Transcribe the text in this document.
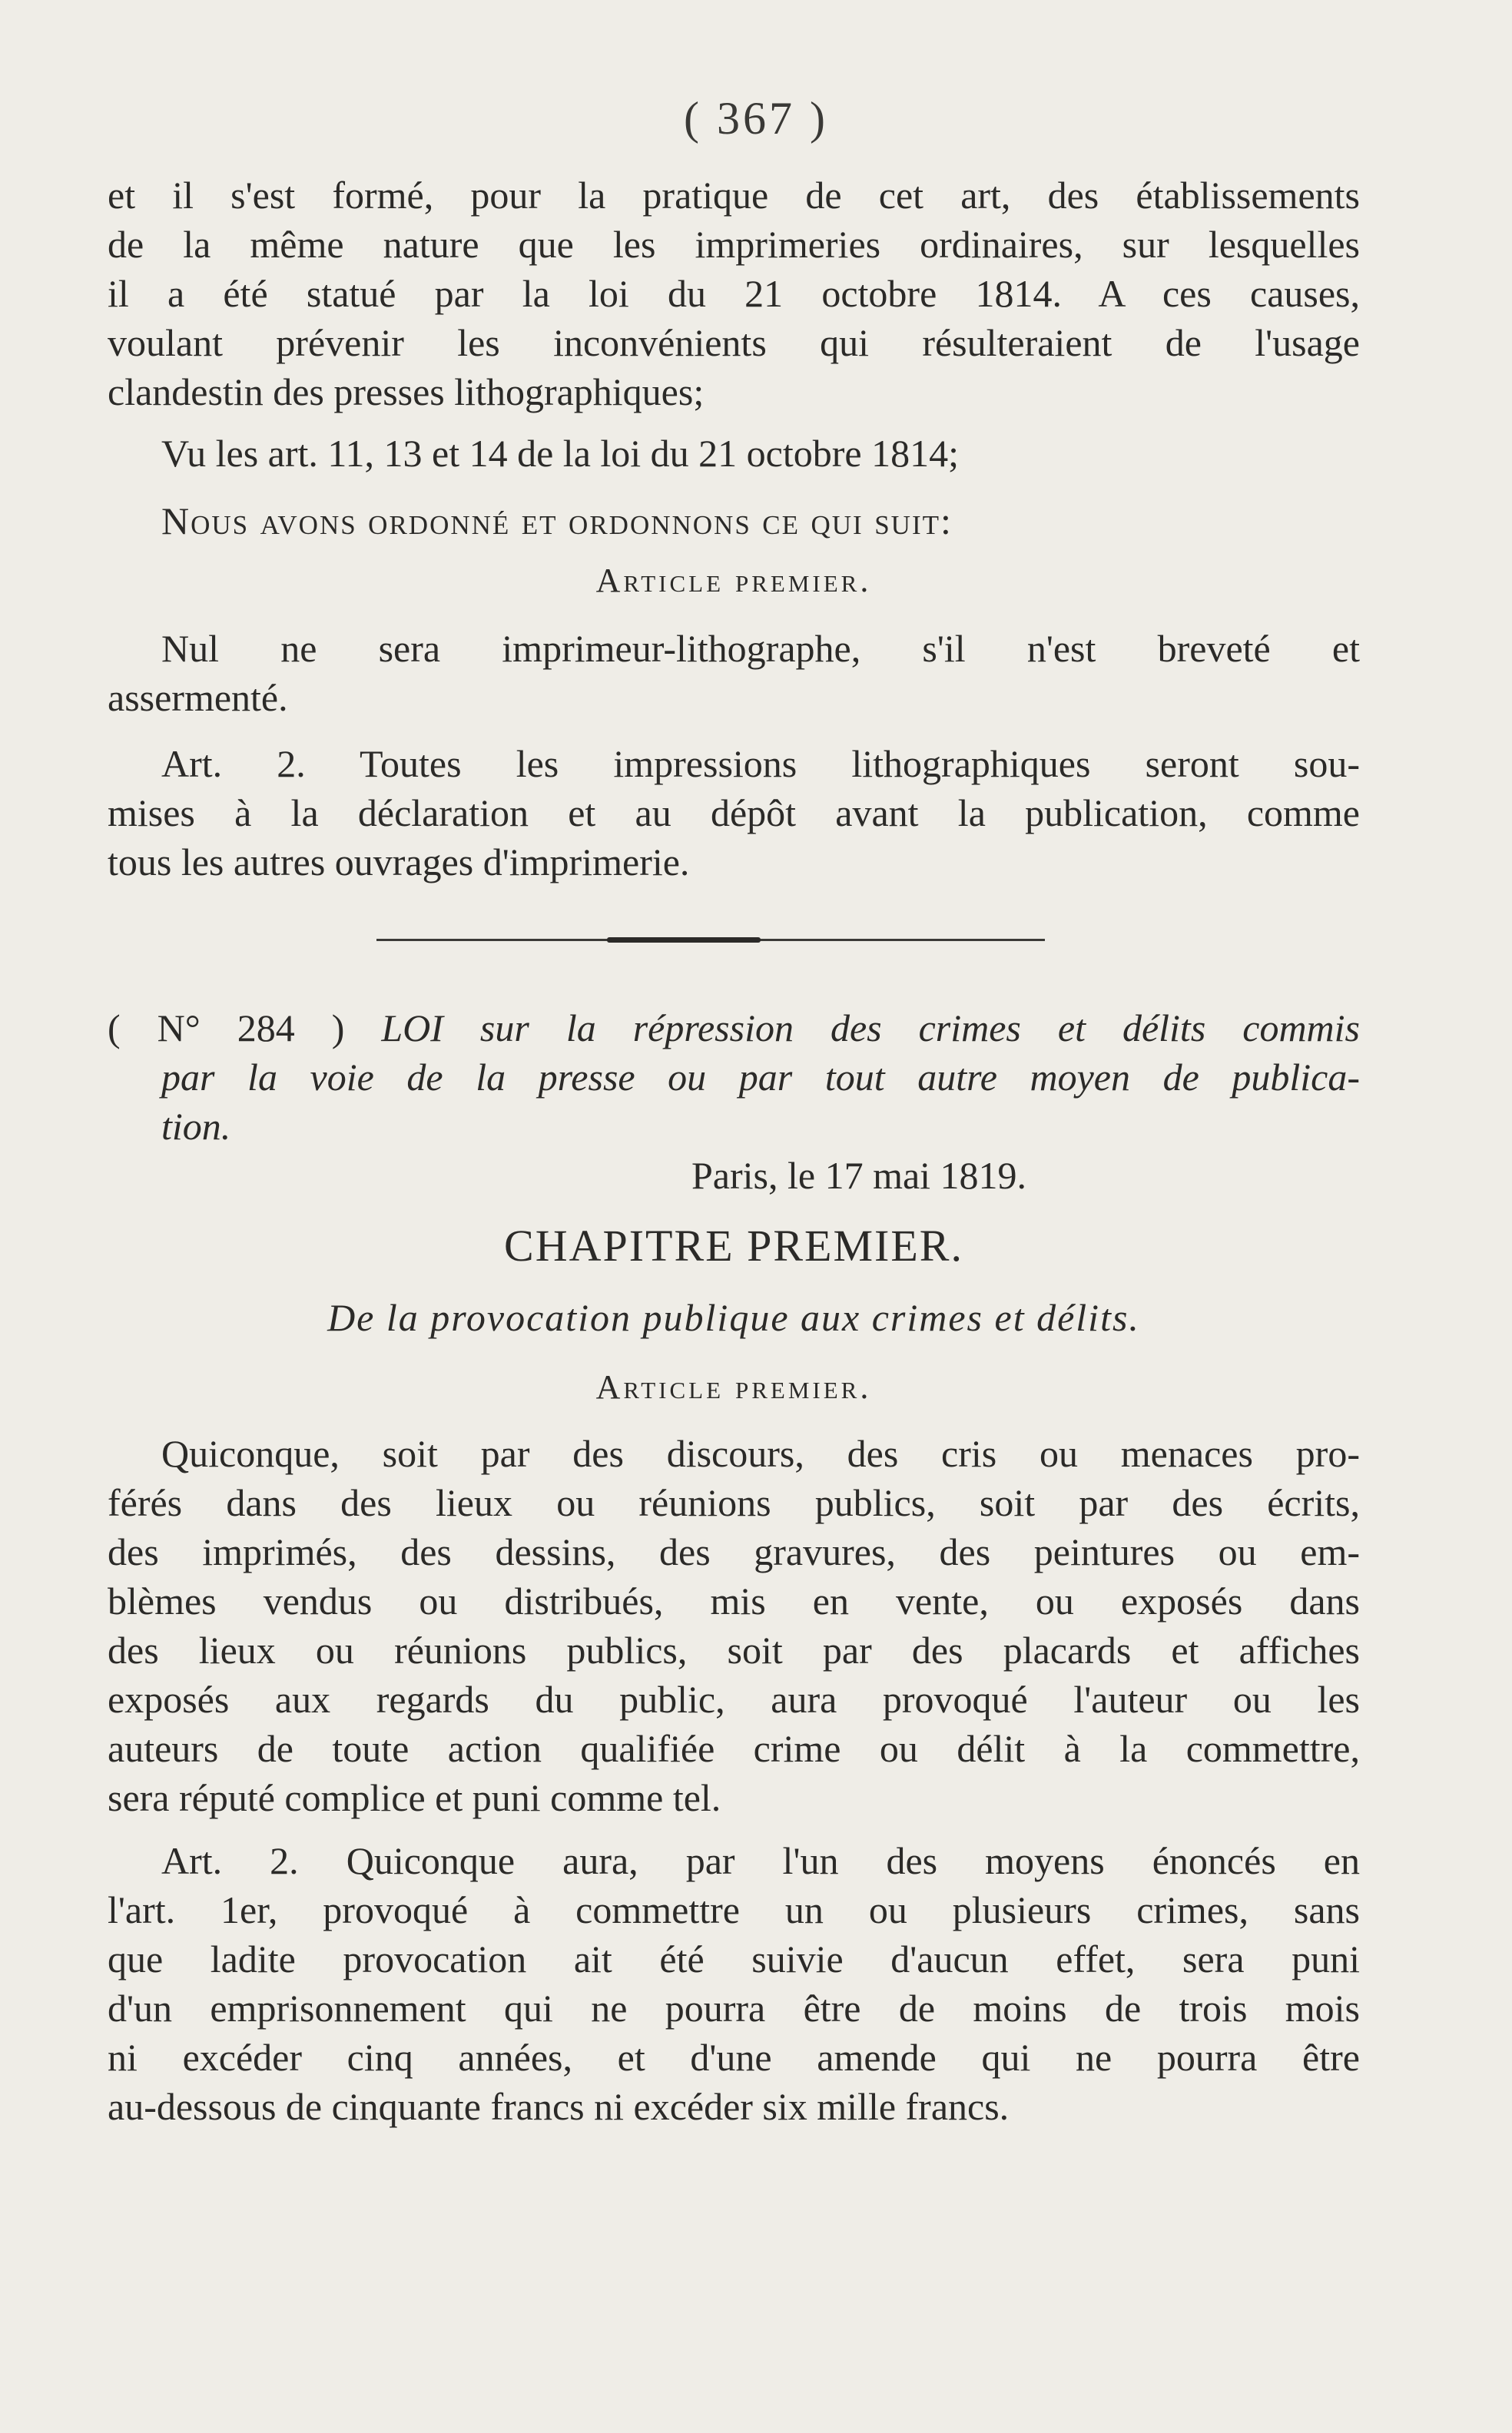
( 367 )
et il s'est formé, pour la pratique de cet art, des établissements
de la même nature que les imprimeries ordinaires, sur lesquelles
il a été statué par la loi du 21 octobre 1814. A ces causes,
voulant prévenir les inconvénients qui résulteraient de l'usage
clandestin des presses lithographiques;
Vu les art. 11, 13 et 14 de la loi du 21 octobre 1814;
Nous avons ordonné et ordonnons ce qui suit:
Article premier.
Nul ne sera imprimeur-lithographe, s'il n'est breveté et
assermenté.
Art. 2. Toutes les impressions lithographiques seront sou-
mises à la déclaration et au dépôt avant la publication, comme
tous les autres ouvrages d'imprimerie.
( N° 284 ) LOI sur la répression des crimes et délits commis
par la voie de la presse ou par tout autre moyen de publica-
tion.
Paris, le 17 mai 1819.
CHAPITRE PREMIER.
De la provocation publique aux crimes et délits.
Article premier.
Quiconque, soit par des discours, des cris ou menaces pro-
férés dans des lieux ou réunions publics, soit par des écrits,
des imprimés, des dessins, des gravures, des peintures ou em-
blèmes vendus ou distribués, mis en vente, ou exposés dans
des lieux ou réunions publics, soit par des placards et affiches
exposés aux regards du public, aura provoqué l'auteur ou les
auteurs de toute action qualifiée crime ou délit à la commettre,
sera réputé complice et puni comme tel.
Art. 2. Quiconque aura, par l'un des moyens énoncés en
l'art. 1er, provoqué à commettre un ou plusieurs crimes, sans
que ladite provocation ait été suivie d'aucun effet, sera puni
d'un emprisonnement qui ne pourra être de moins de trois mois
ni excéder cinq années, et d'une amende qui ne pourra être
au-dessous de cinquante francs ni excéder six mille francs.
